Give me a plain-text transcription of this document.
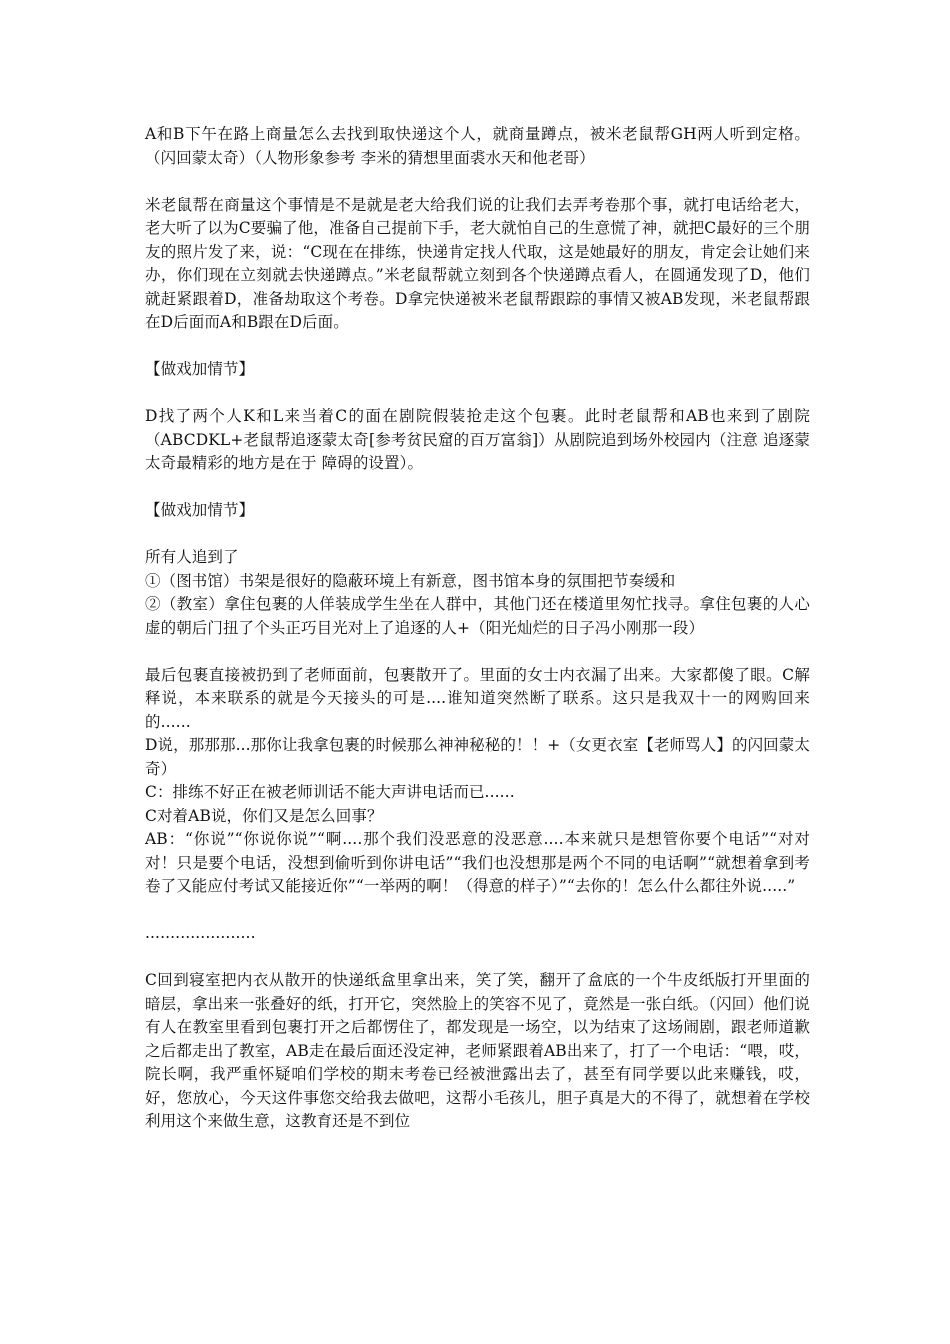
A和B下午在路上商量怎么去找到取快递这个人，就商量蹲点，被米老鼠帮GH两人听到定格。（闪回蒙太奇）（人物形象参考 李米的猜想里面裘水天和他老哥）

米老鼠帮在商量这个事情是不是就是老大给我们说的让我们去弄考卷那个事，就打电话给老大，老大听了以为C要骗了他，准备自己提前下手，老大就怕自己的生意慌了神，就把C最好的三个朋友的照片发了来，说：“C现在在排练，快递肯定找人代取，这是她最好的朋友，肯定会让她们来办，你们现在立刻就去快递蹲点。”米老鼠帮就立刻到各个快递蹲点看人，在圆通发现了D，他们就赶紧跟着D，准备劫取这个考卷。D拿完快递被米老鼠帮跟踪的事情又被AB发现，米老鼠帮跟在D后面而A和B跟在D后面。

【做戏加情节】

D找了两个人K和L来当着C的面在剧院假装抢走这个包裹。此时老鼠帮和AB也来到了剧院（ABCDKL+老鼠帮追逐蒙太奇[参考贫民窟的百万富翁]）从剧院追到场外校园内（注意 追逐蒙太奇最精彩的地方是在于 障碍的设置）。

【做戏加情节】

所有人追到了
①（图书馆）书架是很好的隐蔽环境上有新意，图书馆本身的氛围把节奏缓和
②（教室）拿住包裹的人佯装成学生坐在人群中，其他门还在楼道里匆忙找寻。拿住包裹的人心虚的朝后门扭了个头正巧目光对上了追逐的人+（阳光灿烂的日子冯小刚那一段）

最后包裹直接被扔到了老师面前，包裹散开了。里面的女士内衣漏了出来。大家都傻了眼。C解释说，本来联系的就是今天接头的可是....谁知道突然断了联系。这只是我双十一的网购回来的......
D说，那那那...那你让我拿包裹的时候那么神神秘秘的！！+（女更衣室【老师骂人】的闪回蒙太奇）
C：排练不好正在被老师训话不能大声讲电话而已......
C对着AB说，你们又是怎么回事？
AB：“你说”“你说你说”“啊....那个我们没恶意的没恶意....本来就只是想管你要个电话”“对对对！只是要个电话，没想到偷听到你讲电话”“我们也没想那是两个不同的电话啊”“就想着拿到考卷了又能应付考试又能接近你”“一举两的啊！（得意的样子）”“去你的！怎么什么都往外说.....”

......................

C回到寝室把内衣从散开的快递纸盒里拿出来，笑了笑，翻开了盒底的一个牛皮纸版打开里面的暗层，拿出来一张叠好的纸，打开它，突然脸上的笑容不见了，竟然是一张白纸。（闪回）他们说有人在教室里看到包裹打开之后都愣住了，都发现是一场空，以为结束了这场闹剧，跟老师道歉之后都走出了教室，AB走在最后面还没定神，老师紧跟着AB出来了，打了一个电话：“喂，哎，院长啊，我严重怀疑咱们学校的期末考卷已经被泄露出去了，甚至有同学要以此来赚钱，哎，好，您放心，今天这件事您交给我去做吧，这帮小毛孩儿，胆子真是大的不得了，就想着在学校利用这个来做生意，这教育还是不到位
